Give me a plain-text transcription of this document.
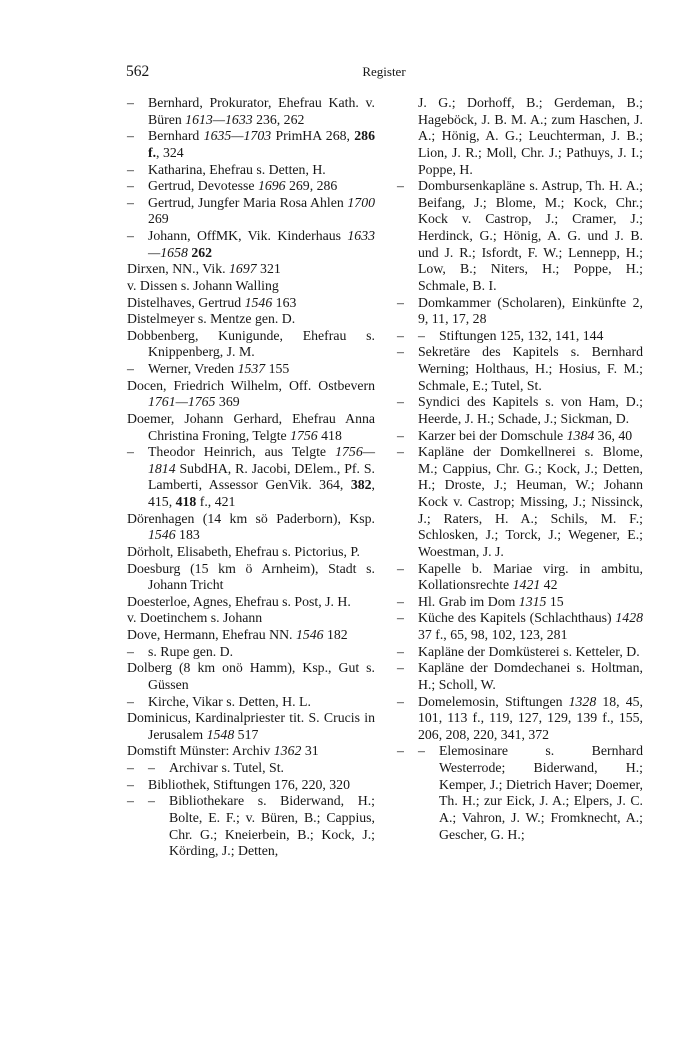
562	Register
– Bernhard, Prokurator, Ehefrau Kath. v. Büren 1613—1633 236, 262
– Bernhard 1635—1703 PrimHA 268, 286 f., 324
– Katharina, Ehefrau s. Detten, H.
– Gertrud, Devotesse 1696 269, 286
– Gertrud, Jungfer Maria Rosa Ahlen 1700 269
– Johann, OffMK, Vik. Kinderhaus 1633—1658 262
Dirxen, NN., Vik. 1697 321
v. Dissen s. Johann Walling
Distelhaves, Gertrud 1546 163
Distelmeyer s. Mentze gen. D.
Dobbenberg, Kunigunde, Ehefrau s. Knippenberg, J. M.
– Werner, Vreden 1537 155
Docen, Friedrich Wilhelm, Off. Ostbevern 1761—1765 369
Doemer, Johann Gerhard, Ehefrau Anna Christina Froning, Telgte 1756 418
– Theodor Heinrich, aus Telgte 1756—1814 SubdHA, R. Jacobi, DElem., Pf. S. Lamberti, Assessor GenVik. 364, 382, 415, 418 f., 421
Dörenhagen (14 km sö Paderborn), Ksp. 1546 183
Dörholt, Elisabeth, Ehefrau s. Pictorius, P.
Doesburg (15 km ö Arnheim), Stadt s. Johann Tricht
Doesterloe, Agnes, Ehefrau s. Post, J. H.
v. Doetinchem s. Johann
Dove, Hermann, Ehefrau NN. 1546 182
– s. Rupe gen. D.
Dolberg (8 km onö Hamm), Ksp., Gut s. Güssen
– Kirche, Vikar s. Detten, H. L.
Dominicus, Kardinalpriester tit. S. Crucis in Jerusalem 1548 517
Domstift Münster: Archiv 1362 31
– – Archivar s. Tutel, St.
– Bibliothek, Stiftungen 176, 220, 320
– – Bibliothekare s. Biderwand, H.; Bolte, E. F.; v. Büren, B.; Cappius, Chr. G.; Kneierbein, B.; Kock, J.; Körding, J.; Detten,
J. G.; Dorhoff, B.; Gerdeman, B.; Hageböck, J. B. M. A.; zum Haschen, J. A.; Hönig, A. G.; Leuchterman, J. B.; Lion, J. R.; Moll, Chr. J.; Pathuys, J. I.; Poppe, H.
– Dombursenkapläne s. Astrup, Th. H. A.; Beifang, J.; Blome, M.; Kock, Chr.; Kock v. Castrop, J.; Cramer, J.; Herdinck, G.; Hönig, A. G. und J. B. und J. R.; Isfordt, F. W.; Lennepp, H.; Low, B.; Niters, H.; Poppe, H.; Schmale, B. I.
– Domkammer (Scholaren), Einkünfte 2, 9, 11, 17, 28
– – Stiftungen 125, 132, 141, 144
– Sekretäre des Kapitels s. Bernhard Werning; Holthaus, H.; Hosius, F. M.; Schmale, E.; Tutel, St.
– Syndici des Kapitels s. von Ham, D.; Heerde, J. H.; Schade, J.; Sickman, D.
– Karzer bei der Domschule 1384 36, 40
– Kapläne der Domkellnerei s. Blome, M.; Cappius, Chr. G.; Kock, J.; Detten, H.; Droste, J.; Heuman, W.; Johann Kock v. Castrop; Missing, J.; Nissinck, J.; Raters, H. A.; Schils, M. F.; Schlosken, J.; Torck, J.; Wegener, E.; Woestman, J. J.
– Kapelle b. Mariae virg. in ambitu, Kollationsrechte 1421 42
– Hl. Grab im Dom 1315 15
– Küche des Kapitels (Schlachthaus) 1428 37 f., 65, 98, 102, 123, 281
– Kapläne der Domküsterei s. Ketteler, D.
– Kapläne der Domdechanei s. Holtman, H.; Scholl, W.
– Domelemosin, Stiftungen 1328 18, 45, 101, 113 f., 119, 127, 129, 139 f., 155, 206, 208, 220, 341, 372
– – Elemosinare s. Bernhard Westerrode; Biderwand, H.; Kemper, J.; Dietrich Haver; Doemer, Th. H.; zur Eick, J. A.; Elpers, J. C. A.; Vahron, J. W.; Fromknecht, A.; Gescher, G. H.;
